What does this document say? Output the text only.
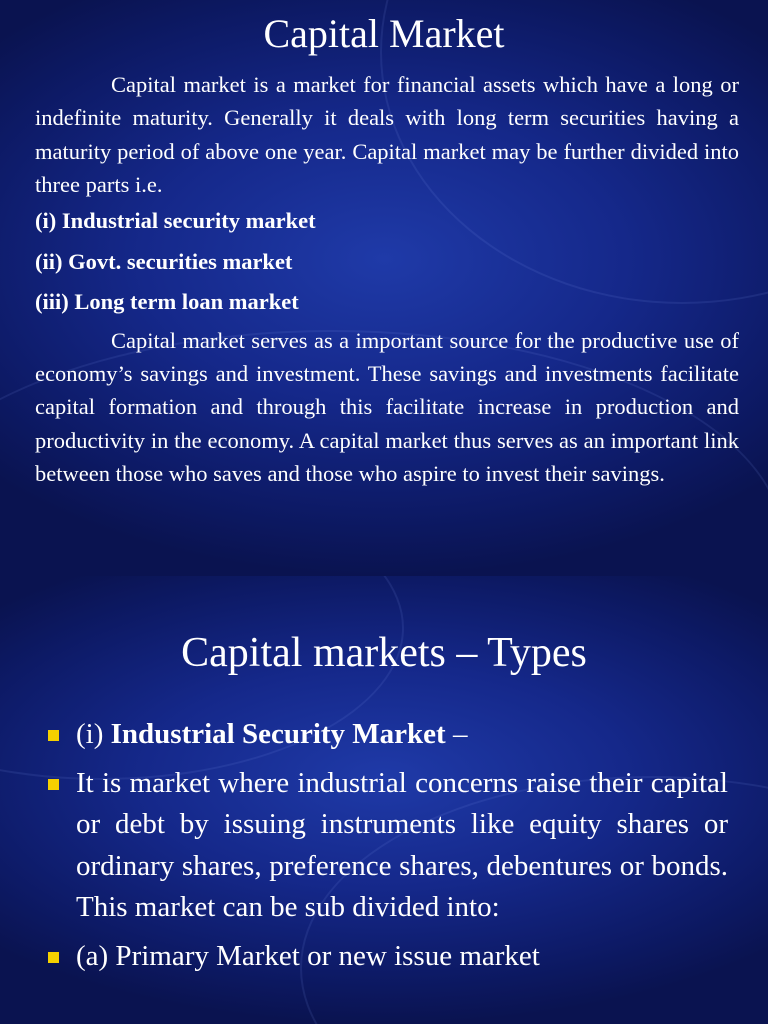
Capital Market

Capital market is a market for financial assets which have a long or indefinite maturity. Generally it deals with long term securities having a maturity period of above one year. Capital market may be further divided into three parts i.e.

(i) Industrial security market

(ii) Govt. securities market

(iii) Long term loan market

Capital market serves as a important source for the productive use of economy’s savings and investment. These savings and investments facilitate capital formation and through this facilitate increase in production and productivity in the economy. A capital market thus serves as an important link between those who saves and those who aspire to invest their savings.

Capital markets – Types
(i) Industrial Security Market –
It is market where industrial concerns raise their capital or debt by issuing instruments like equity shares or ordinary shares, preference shares, debentures or bonds. This market can be sub divided into:
(a) Primary Market or new issue market
